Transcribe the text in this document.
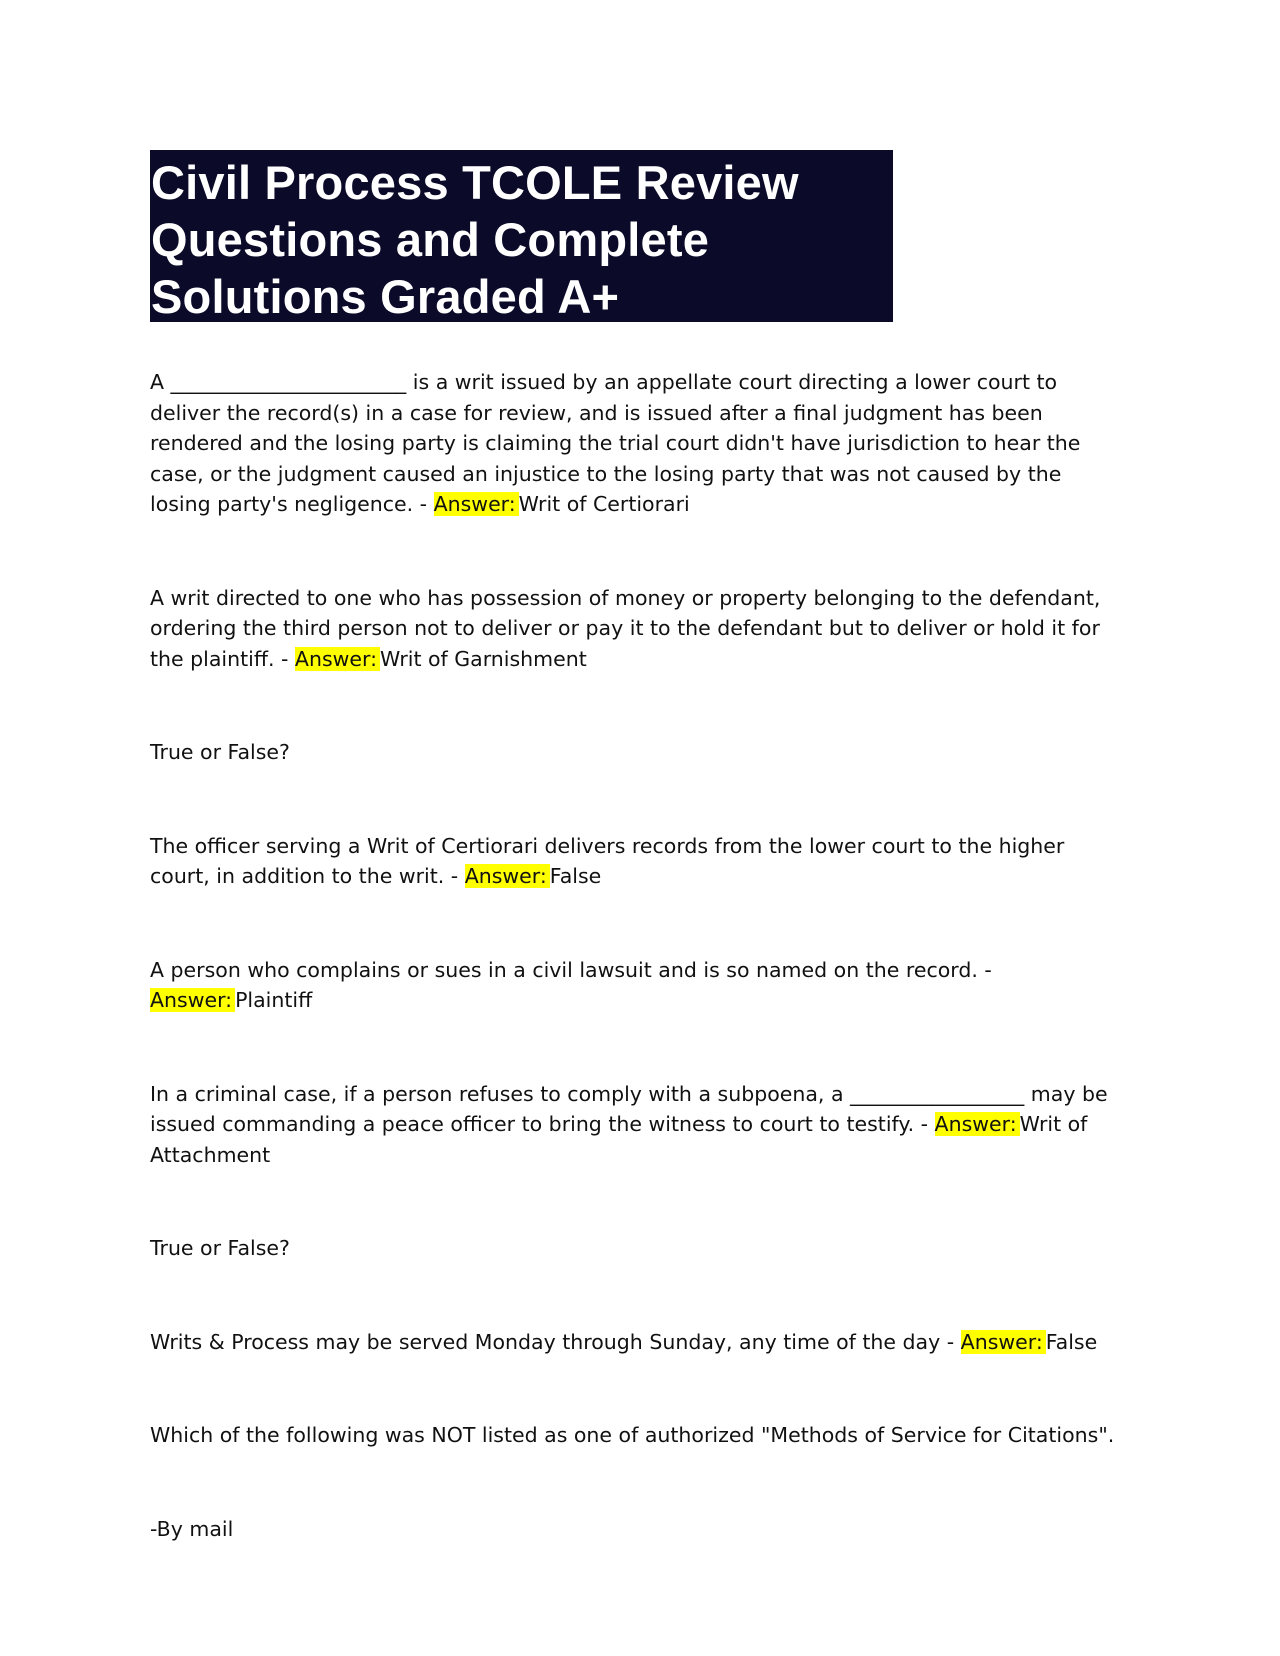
Civil Process TCOLE Review Questions and Complete Solutions Graded A+

A _______________________ is a writ issued by an appellate court directing a lower court to deliver the record(s) in a case for review, and is issued after a final judgment has been rendered and the losing party is claiming the trial court didn't have jurisdiction to hear the case, or the judgment caused an injustice to the losing party that was not caused by the losing party's negligence. - Answer: Writ of Certiorari

A writ directed to one who has possession of money or property belonging to the defendant, ordering the third person not to deliver or pay it to the defendant but to deliver or hold it for the plaintiff. - Answer: Writ of Garnishment

True or False?

The officer serving a Writ of Certiorari delivers records from the lower court to the higher court, in addition to the writ. - Answer: False

A person who complains or sues in a civil lawsuit and is so named on the record. - Answer: Plaintiff

In a criminal case, if a person refuses to comply with a subpoena, a _________________ may be issued commanding a peace officer to bring the witness to court to testify. - Answer: Writ of Attachment

True or False?

Writs & Process may be served Monday through Sunday, any time of the day - Answer: False

Which of the following was NOT listed as one of authorized "Methods of Service for Citations".

-By mail
